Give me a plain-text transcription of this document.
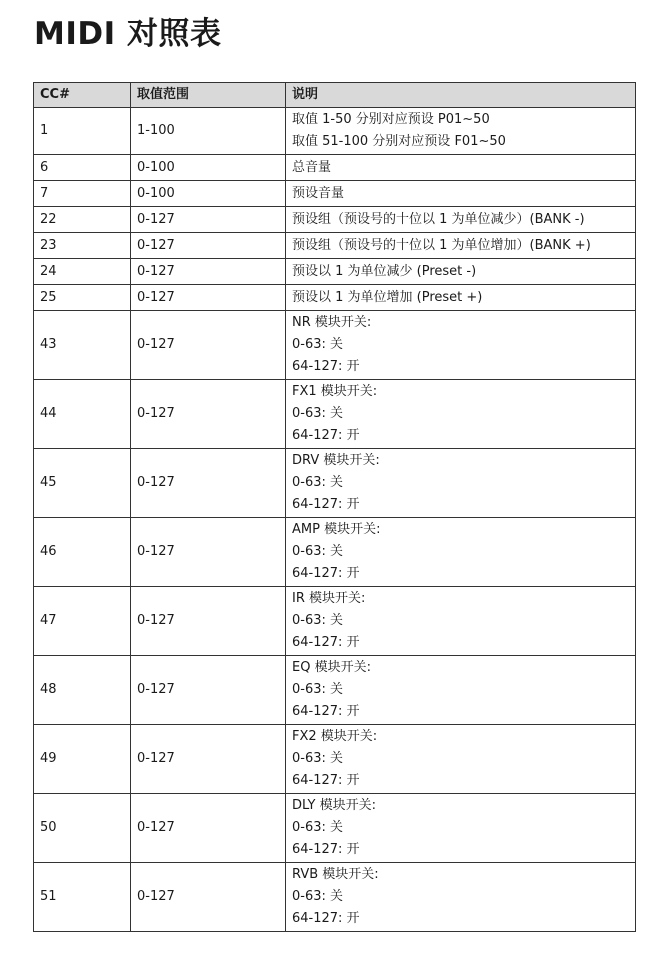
MIDI 对照表
CC#	取值范围	说明
1	1-100	取值 1-50 分别对应预设 P01~50
取值 51-100 分别对应预设 F01~50

6	0-100	总音量

7	0-100	预设音量

22	0-127	预设组（预设号的十位以 1 为单位减少）(BANK -)

23	0-127	预设组（预设号的十位以 1 为单位增加）(BANK +)

24	0-127	预设以 1 为单位减少 (Preset -)

25	0-127	预设以 1 为单位增加 (Preset +)

43	0-127	NR 模块开关:
0-63: 关
64-127: 开

44	0-127	FX1 模块开关:
0-63: 关
64-127: 开

45	0-127	DRV 模块开关:
0-63: 关
64-127: 开

46	0-127	AMP 模块开关:
0-63: 关
64-127: 开

47	0-127	IR 模块开关:
0-63: 关
64-127: 开

48	0-127	EQ 模块开关:
0-63: 关
64-127: 开

49	0-127	FX2 模块开关:
0-63: 关
64-127: 开

50	0-127	DLY 模块开关:
0-63: 关
64-127: 开

51	0-127	RVB 模块开关:
0-63: 关
64-127: 开
